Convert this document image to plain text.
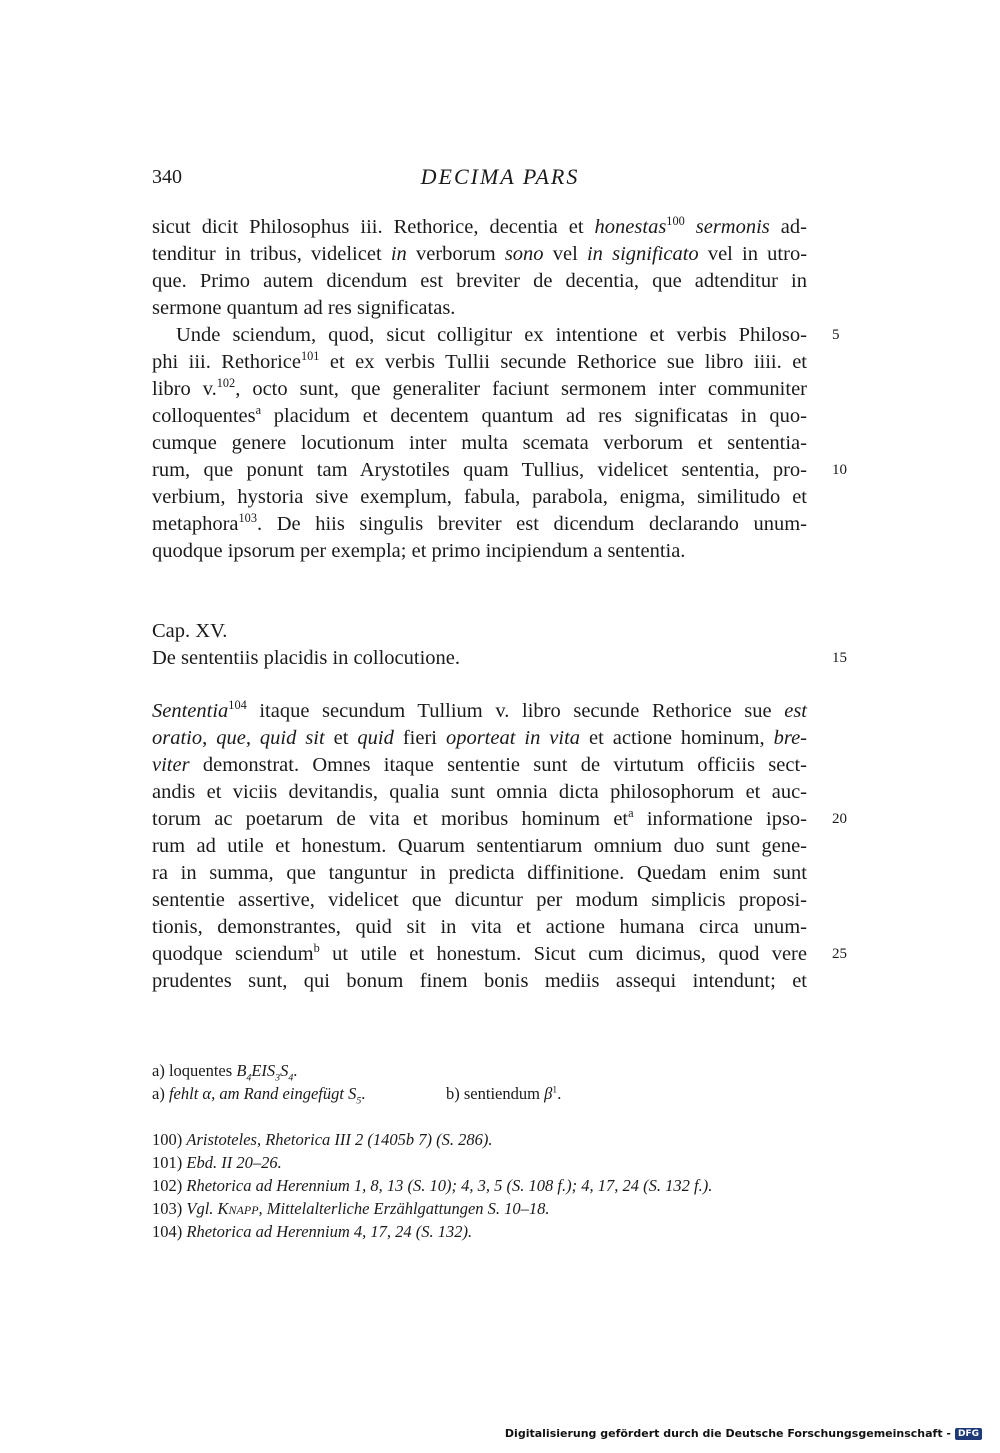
340	DECIMA PARS
sicut dicit Philosophus iii. Rethorice, decentia et honestas$^{100}$ sermonis ad-
tenditur in tribus, videlicet in verborum sono vel in significato vel in utro-
que. Primo autem dicendum est breviter de decentia, que adtenditur in
sermone quantum ad res significatas.
Unde sciendum, quod, sicut colligitur ex intentione et verbis Philoso- 5
phi iii. Rethorice$^{101}$ et ex verbis Tullii secunde Rethorice sue libro iiii. et
libro v.$^{102}$, octo sunt, que generaliter faciunt sermonem inter communiter
colloquentes$^a$ placidum et decentem quantum ad res significatas in quo-
cumque genere locutionum inter multa scemata verborum et sententia-
rum, que ponunt tam Arystotiles quam Tullius, videlicet sententia, pro- 10
verbium, hystoria sive exemplum, fabula, parabola, enigma, similitudo et
metaphora$^{103}$. De hiis singulis breviter est dicendum declarando unum-
quodque ipsorum per exempla; et primo incipiendum a sententia.
Cap. XV.
De sententiis placidis in collocutione.	15
Sententia$^{104}$ itaque secundum Tullium v. libro secunde Rethorice sue est
oratio, que, quid sit et quid fieri oporteat in vita et actione hominum, bre-
viter demonstrat. Omnes itaque sententie sunt de virtutum officiis sect-
andis et viciis devitandis, qualia sunt omnia dicta philosophorum et auc-
torum ac poetarum de vita et moribus hominum $et^a$ informatione ipso- 20
rum ad utile et honestum. Quarum sententiarum omnium duo sunt gene-
ra in summa, que tanguntur in predicta diffinitione. Quedam enim sunt
sententie assertive, videlicet que dicuntur per modum simplicis proposi-
tionis, demonstrantes, quid sit in vita et actione humana circa unum-
quodque sciendum$^b$ ut utile et honestum. Sicut cum dicimus, quod vere 25
prudentes sunt, qui bonum finem bonis mediis assequi intendunt; et
a) loquentes $B_4EIS_3S_4$.
a) fehlt α, am Rand eingefügt $S_5$.	b) sentiendum $\beta^1$.
100) Aristoteles, Rhetorica III 2 (1405b 7) (S. 286).
101) Ebd. II 20–26.
102) Rhetorica ad Herennium 1, 8, 13 (S. 10); 4, 3, 5 (S. 108 f.); 4, 17, 24 (S. 132 f.).
103) Vgl. Knapp, Mittelalterliche Erzählgattungen S. 10–18.
104) Rhetorica ad Herennium 4, 17, 24 (S. 132).
Digitalisierung gefördert durch die Deutsche Forschungsgemeinschaft - DFG
